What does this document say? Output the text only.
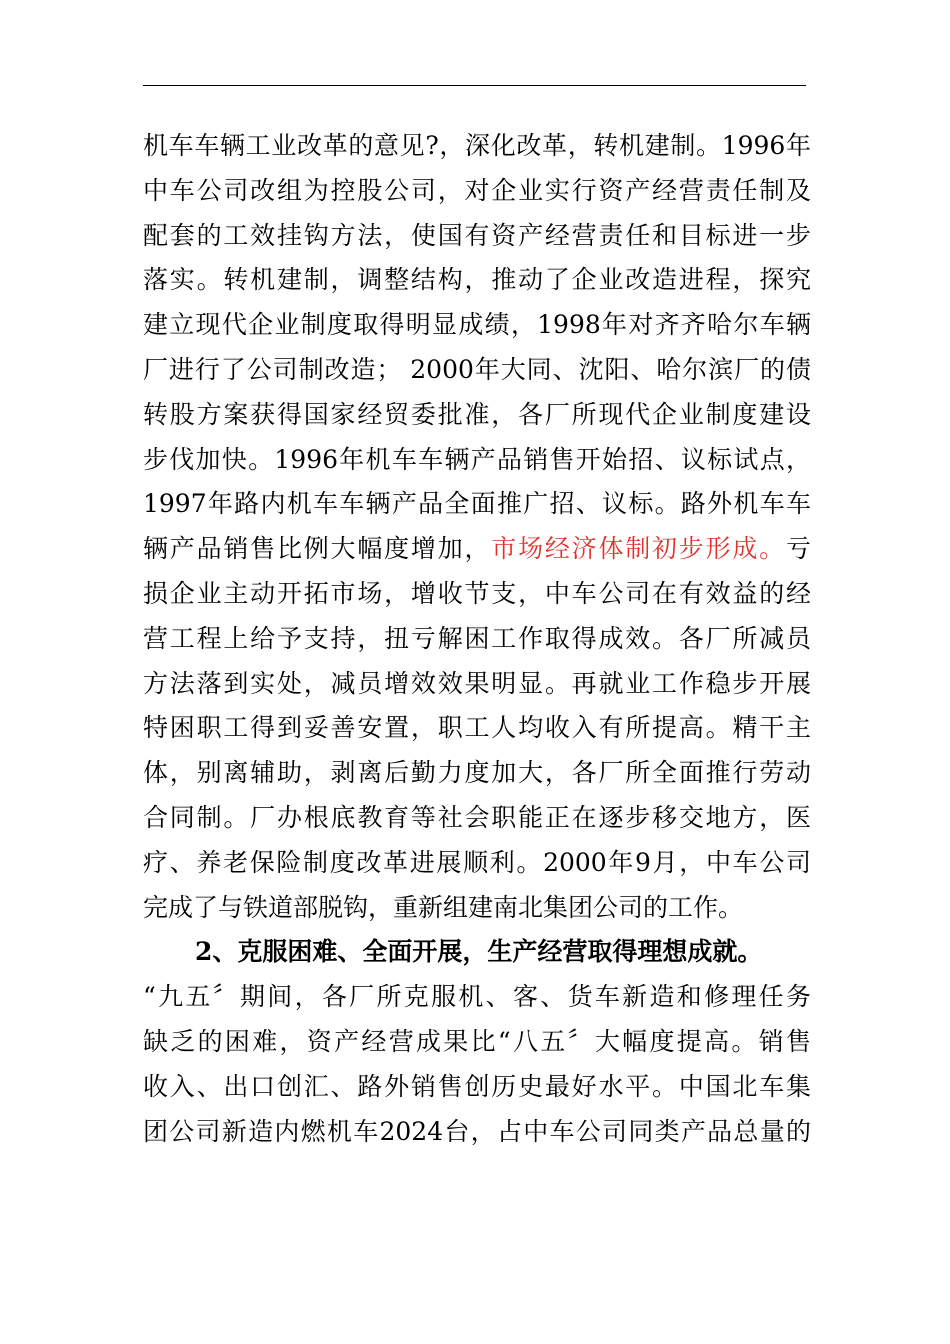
机车车辆工业改革的意见?，深化改革，转机建制。1996年
中车公司改组为控股公司，对企业实行资产经营责任制及
配套的工效挂钩方法，使国有资产经营责任和目标进一步
落实。转机建制，调整结构，推动了企业改造进程，探究
建立现代企业制度取得明显成绩，1998年对齐齐哈尔车辆
厂进行了公司制改造； 2000年大同、沈阳、哈尔滨厂的债
转股方案获得国家经贸委批准，各厂所现代企业制度建设
步伐加快。1996年机车车辆产品销售开始招、议标试点，
1997年路内机车车辆产品全面推广招、议标。路外机车车
辆产品销售比例大幅度增加，市场经济体制初步形成。亏
损企业主动开拓市场，增收节支，中车公司在有效益的经
营工程上给予支持，扭亏解困工作取得成效。各厂所减员
方法落到实处，减员增效效果明显。再就业工作稳步开展
特困职工得到妥善安置，职工人均收入有所提高。精干主
体，别离辅助，剥离后勤力度加大，各厂所全面推行劳动
合同制。厂办根底教育等社会职能正在逐步移交地方，医
疗、养老保险制度改革进展顺利。2000年9月，中车公司
完成了与铁道部脱钩，重新组建南北集团公司的工作。
2、克服困难、全面开展，生产经营取得理想成就。
“九五〞期间，各厂所克服机、客、货车新造和修理任务
缺乏的困难，资产经营成果比“八五〞大幅度提高。销售
收入、出口创汇、路外销售创历史最好水平。中国北车集
团公司新造内燃机车2024台，占中车公司同类产品总量的
